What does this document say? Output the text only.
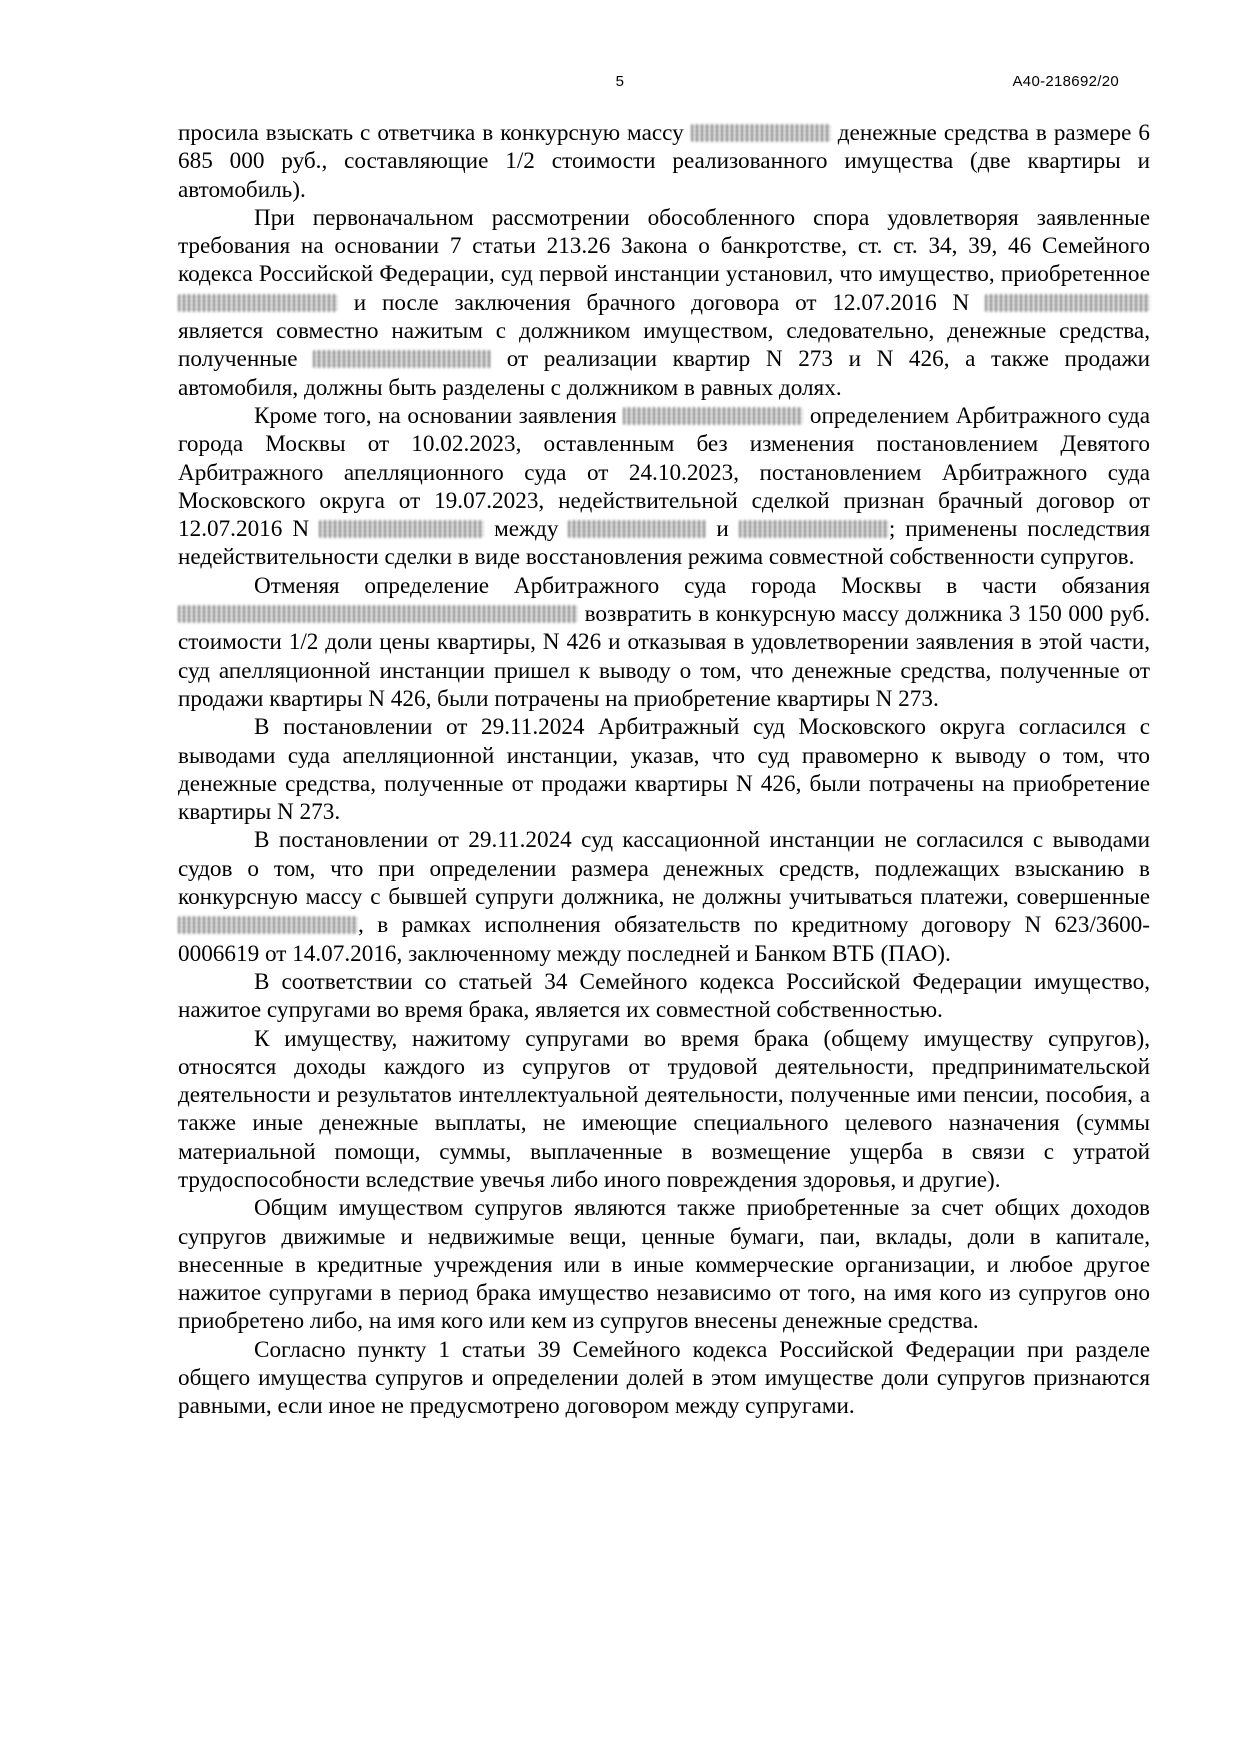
5	А40-218692/20

просила взыскать с ответчика в конкурсную массу	денежные средства в размере 6 685 000 руб., составляющие 1/2 стоимости реализованного имущества (две квартиры и автомобиль).

При первоначальном рассмотрении обособленного спора удовлетворяя заявленные требования на основании 7 статьи 213.26 Закона о банкротстве, ст. ст. 34, 39, 46 Семейного кодекса Российской Федерации, суд первой инстанции установил, что имущество, приобретенное  и после заключения брачного договора от 12.07.2016 N  является совместно нажитым с должником имуществом, следовательно, денежные средства, полученные	от реализации квартир N 273 и N 426, а также продажи автомобиля, должны быть разделены с должником в равных долях.

Кроме того, на основании заявления	определением Арбитражного суда города Москвы от 10.02.2023, оставленным без изменения постановлением Девятого Арбитражного апелляционного суда от 24.10.2023, постановлением Арбитражного суда Московского округа от 19.07.2023, недействительной сделкой признан брачный договор от 12.07.2016 N	между	и	; применены последствия недействительности сделки в виде восстановления режима совместной собственности супругов.

Отменяя определение Арбитражного суда города Москвы в части обязания  возвратить в конкурсную массу должника 3 150 000 руб. стоимости 1/2 доли цены квартиры, N 426 и отказывая в удовлетворении заявления в этой части, суд апелляционной инстанции пришел к выводу о том, что денежные средства, полученные от продажи квартиры N 426, были потрачены на приобретение квартиры N 273.

В постановлении от 29.11.2024 Арбитражный суд Московского округа согласился с выводами суда апелляционной инстанции, указав, что суд правомерно к выводу о том, что денежные средства, полученные от продажи квартиры N 426, были потрачены на приобретение квартиры N 273.

В постановлении от 29.11.2024 суд кассационной инстанции не согласился с выводами судов о том, что при определении размера денежных средств, подлежащих взысканию в конкурсную массу с бывшей супруги должника, не должны учитываться платежи, совершенные , в рамках исполнения обязательств по кредитному договору N 623/3600-0006619 от 14.07.2016, заключенному между последней и Банком ВТБ (ПАО).

В соответствии со статьей 34 Семейного кодекса Российской Федерации имущество, нажитое супругами во время брака, является их совместной собственностью.

К имуществу, нажитому супругами во время брака (общему имуществу супругов), относятся доходы каждого из супругов от трудовой деятельности, предпринимательской деятельности и результатов интеллектуальной деятельности, полученные ими пенсии, пособия, а также иные денежные выплаты, не имеющие специального целевого назначения (суммы материальной помощи, суммы, выплаченные в возмещение ущерба в связи с утратой трудоспособности вследствие увечья либо иного повреждения здоровья, и другие).

Общим имуществом супругов являются также приобретенные за счет общих доходов супругов движимые и недвижимые вещи, ценные бумаги, паи, вклады, доли в капитале, внесенные в кредитные учреждения или в иные коммерческие организации, и любое другое нажитое супругами в период брака имущество независимо от того, на имя кого из супругов оно приобретено либо, на имя кого или кем из супругов внесены денежные средства.

Согласно пункту 1 статьи 39 Семейного кодекса Российской Федерации при разделе общего имущества супругов и определении долей в этом имуществе доли супругов признаются равными, если иное не предусмотрено договором между супругами.
